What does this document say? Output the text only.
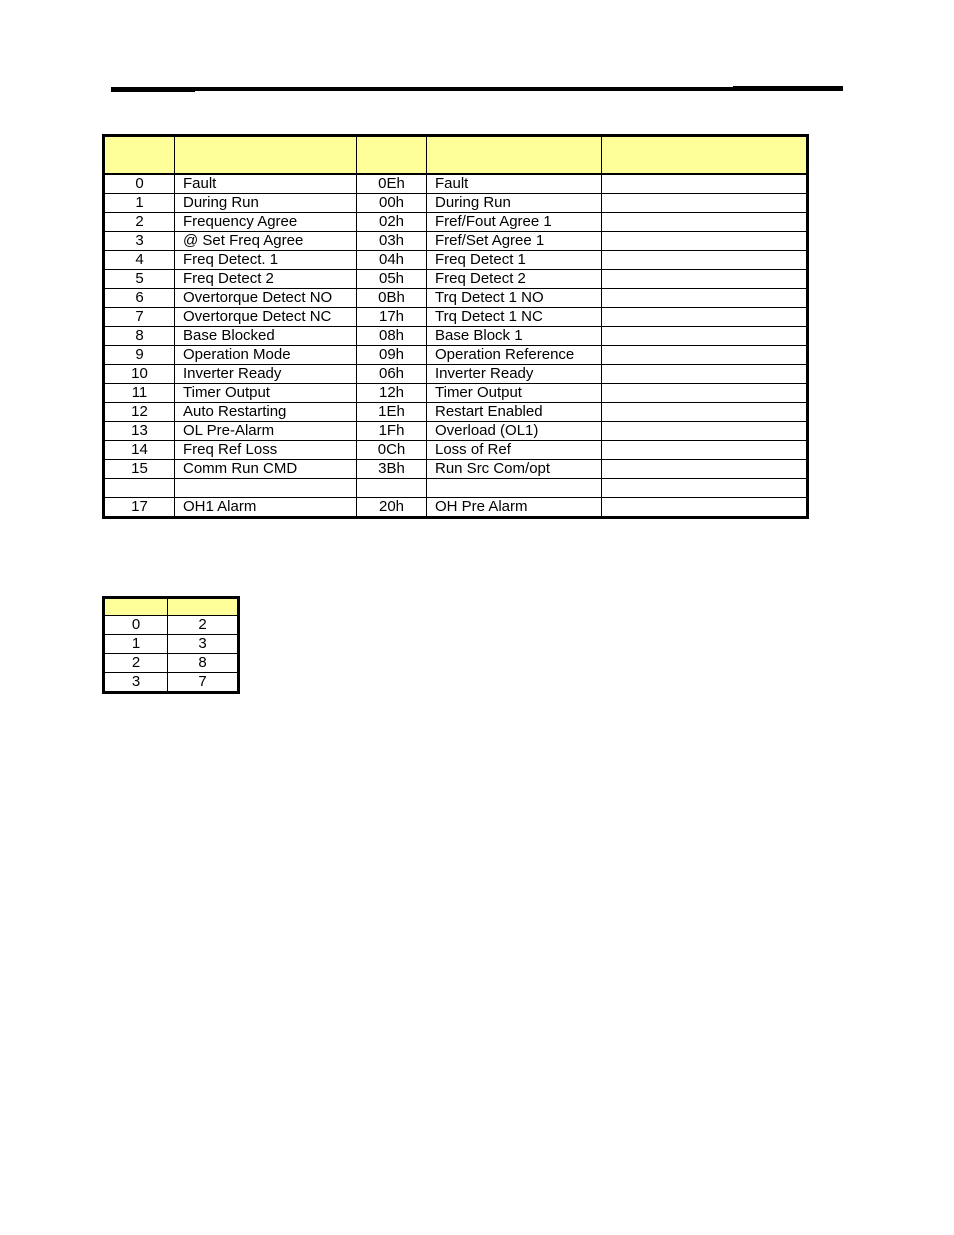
0	Fault	0Eh	Fault	
1	During Run	00h	During Run	
2	Frequency Agree	02h	Fref/Fout Agree 1	
3	@ Set Freq Agree	03h	Fref/Set Agree 1	
4	Freq Detect. 1	04h	Freq Detect 1	
5	Freq Detect 2	05h	Freq Detect 2	
6	Overtorque Detect NO	0Bh	Trq Detect 1 NO	
7	Overtorque Detect NC	17h	Trq Detect 1 NC	
8	Base Blocked	08h	Base Block 1	
9	Operation Mode	09h	Operation Reference	
10	Inverter Ready	06h	Inverter Ready	
11	Timer Output	12h	Timer Output	
12	Auto Restarting	1Eh	Restart Enabled	
13	OL Pre-Alarm	1Fh	Overload (OL1)	
14	Freq Ref Loss	0Ch	Loss of Ref	
15	Comm Run CMD	3Bh	Run Src Com/opt	

17	OH1 Alarm	20h	OH Pre Alarm	

0	2
1	3
2	8
3	7
